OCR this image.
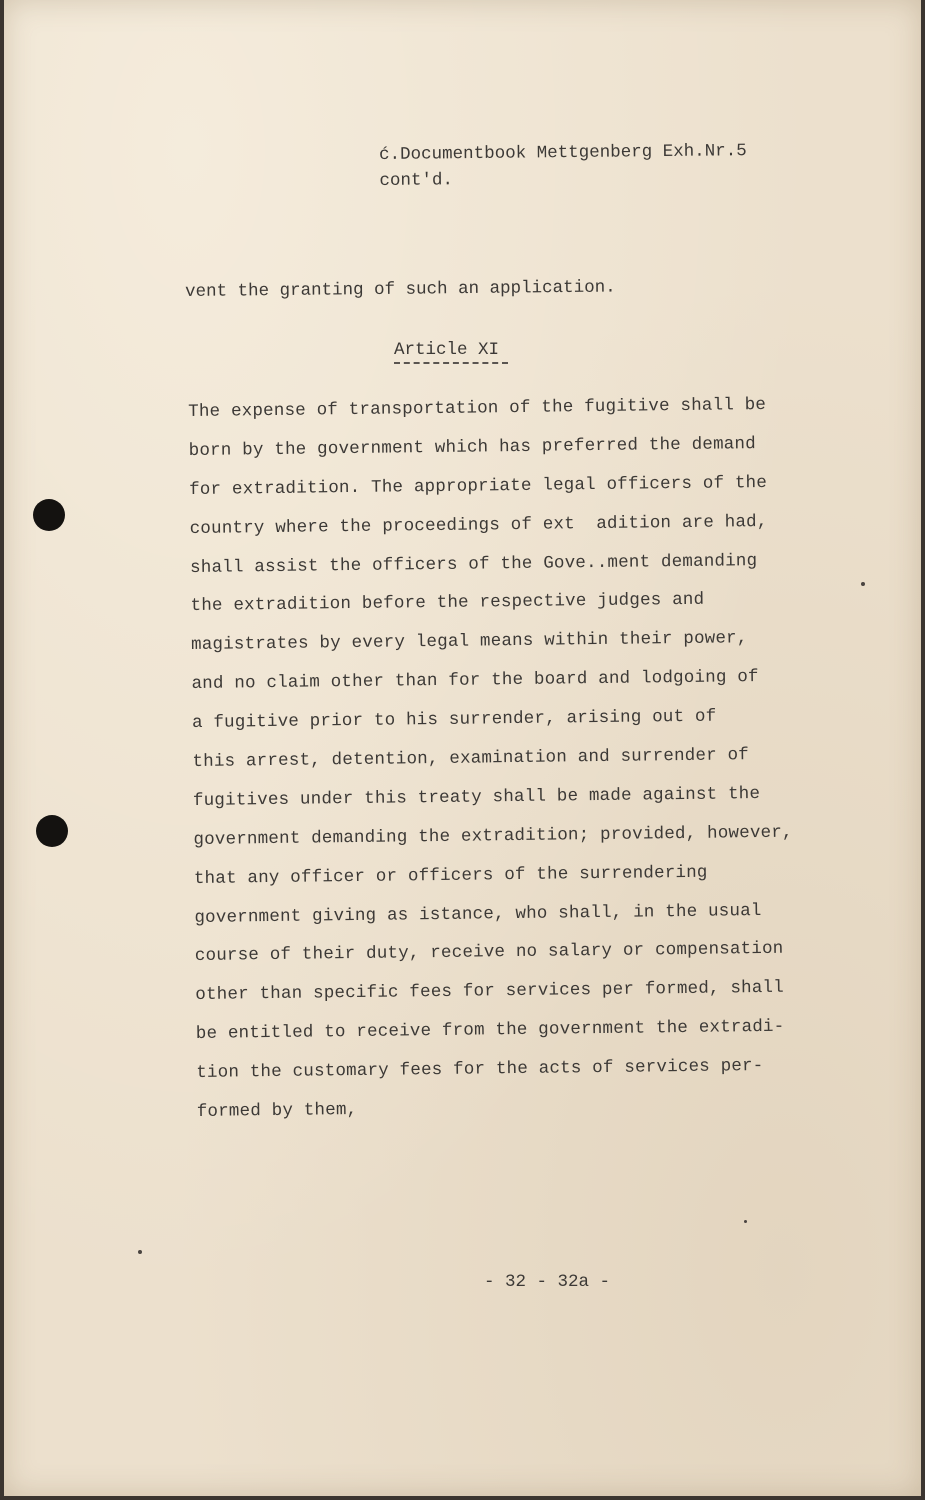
ć.Documentbook Mettgenberg Exh.Nr.5
cont'd.
vent the granting of such an application.
Article XI
The expense of transportation of the fugitive shall be
born by the government which has preferred the demand
for extradition. The appropriate legal officers of the
country where the proceedings of ext  adition are had,
shall assist the officers of the Gove..ment demanding
the extradition before the respective judges and
magistrates by every legal means within their power,
and no claim other than for the board and lodgoing of
a fugitive prior to his surrender, arising out of
this arrest, detention, examination and surrender of
fugitives under this treaty shall be made against the
government demanding the extradition; provided, however,
that any officer or officers of the surrendering
government giving as istance, who shall, in the usual
course of their duty, receive no salary or compensation
other than specific fees for services per formed, shall
be entitled to receive from the government the extradi-
tion the customary fees for the acts of services per-
formed by them,
- 32 - 32a -
